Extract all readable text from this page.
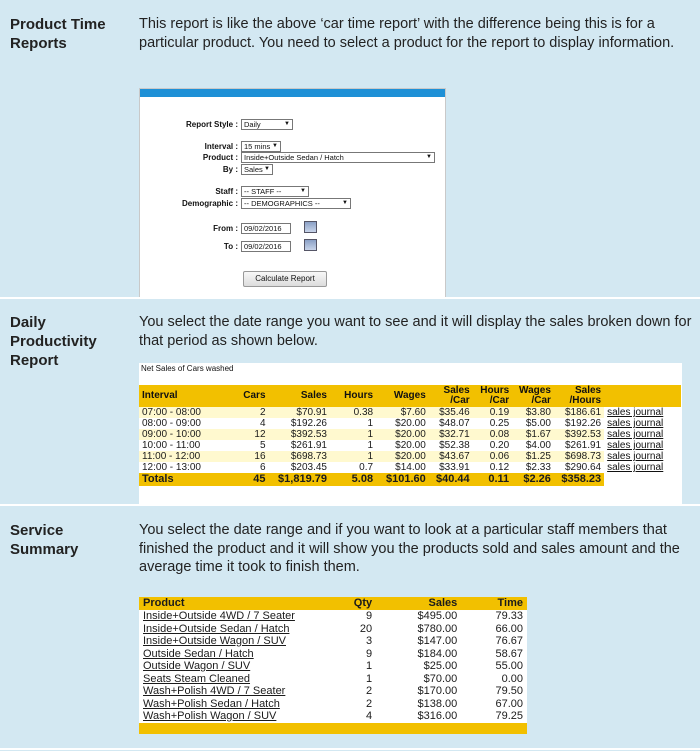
Product Time Reports
This report is like the above ‘car time report’ with the difference being this is for a particular product. You need to select a product for the report to display information.
Report Style : Daily	▼
Interval : 15 mins ▼
Product : Inside+Outside Sedan / Hatch	▼
By : Sales ▼
Staff : -- STAFF --	▼
Demographic : -- DEMOGRAPHICS --	▼
From : 09/02/2016
To : 09/02/2016
Calculate Report
Daily Productivity Report
You select the date range you want to see and it will display the sales broken down for that period as shown below.
Net Sales of Cars washed
Interval	Cars	Sales	Hours	Wages	Sales /Car	Hours /Car	Wages /Car	Sales /Hours	
07:00 - 08:00	2	$70.91	0.38	$7.60	$35.46	0.19	$3.80	$186.61	sales journal
08:00 - 09:00	4	$192.26	1	$20.00	$48.07	0.25	$5.00	$192.26	sales journal
09:00 - 10:00	12	$392.53	1	$20.00	$32.71	0.08	$1.67	$392.53	sales journal
10:00 - 11:00	5	$261.91	1	$20.00	$52.38	0.20	$4.00	$261.91	sales journal
11:00 - 12:00	16	$698.73	1	$20.00	$43.67	0.06	$1.25	$698.73	sales journal
12:00 - 13:00	6	$203.45	0.7	$14.00	$33.91	0.12	$2.33	$290.64	sales journal
Totals	45	$1,819.79	5.08	$101.60	$40.44	0.11	$2.26	$358.23	
Service Summary
You select the date range and if you want to look at a particular staff members that finished the product and it will show you the products sold and sales amount and the average time it took to finish them.
Product	Qty	Sales	Time
Inside+Outside 4WD / 7 Seater	9	$495.00	79.33
Inside+Outside Sedan / Hatch	20	$780.00	66.00
Inside+Outside Wagon / SUV	3	$147.00	76.67
Outside Sedan / Hatch	9	$184.00	58.67
Outside Wagon / SUV	1	$25.00	55.00
Seats Steam Cleaned	1	$70.00	0.00
Wash+Polish 4WD / 7 Seater	2	$170.00	79.50
Wash+Polish Sedan / Hatch	2	$138.00	67.00
Wash+Polish Wagon / SUV	4	$316.00	79.25
